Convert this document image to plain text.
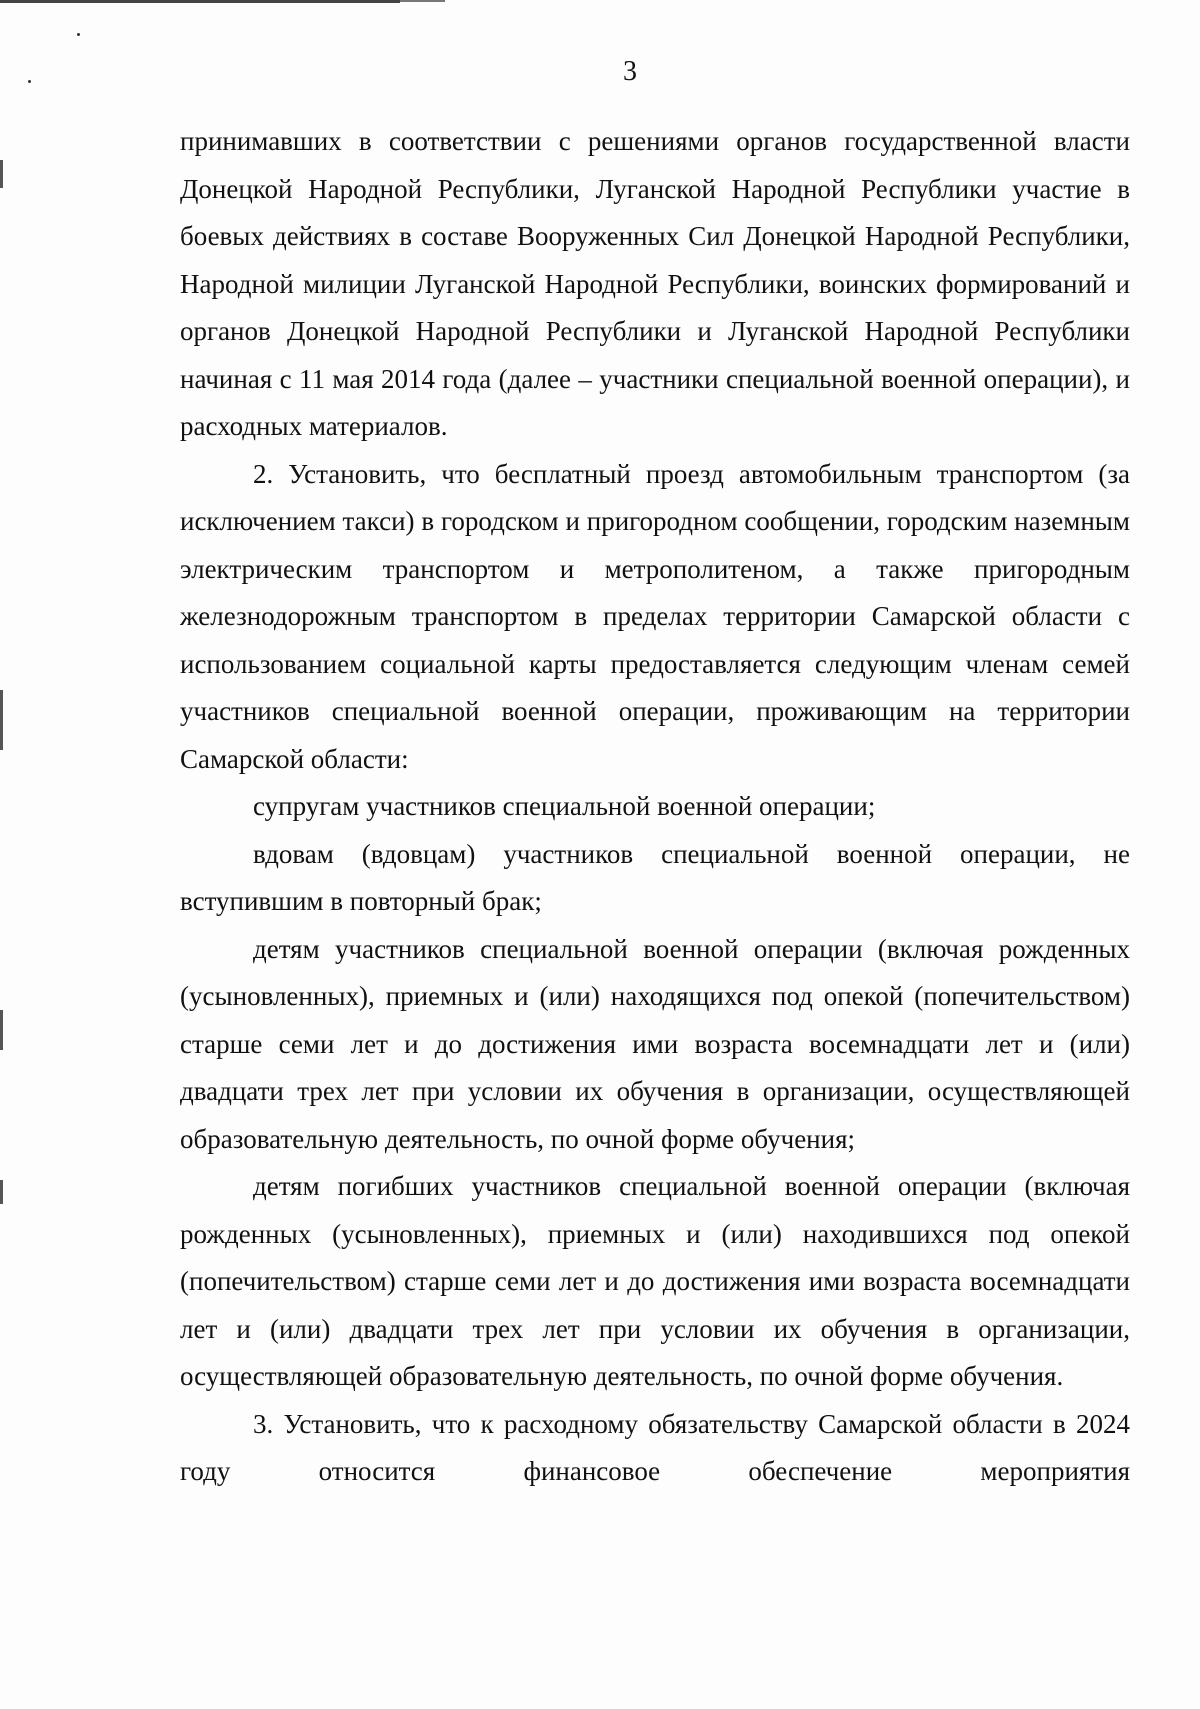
3

принимавших в соответствии с решениями органов государственной власти Донецкой Народной Республики, Луганской Народной Республики участие в боевых действиях в составе Вооруженных Сил Донецкой Народной Республики, Народной милиции Луганской Народной Республики, воинских формирований и органов Донецкой Народной Республики и Луганской Народной Республики начиная с 11 мая 2014 года (далее – участники специальной военной операции), и расходных материалов.

2. Установить, что бесплатный проезд автомобильным транспортом (за исключением такси) в городском и пригородном сообщении, городским наземным электрическим транспортом и метрополитеном, а также пригородным железнодорожным транспортом в пределах территории Самарской области с использованием социальной карты предоставляется следующим членам семей участников специальной военной операции, проживающим на территории Самарской области:

супругам участников специальной военной операции;

вдовам (вдовцам) участников специальной военной операции, не вступившим в повторный брак;

детям участников специальной военной операции (включая рожденных (усыновленных), приемных и (или) находящихся под опекой (попечительством) старше семи лет и до достижения ими возраста восемнадцати лет и (или) двадцати трех лет при условии их обучения в организации, осуществляющей образовательную деятельность, по очной форме обучения;

детям погибших участников специальной военной операции (включая рожденных (усыновленных), приемных и (или) находившихся под опекой (попечительством) старше семи лет и до достижения ими возраста восемнадцати лет и (или) двадцати трех лет при условии их обучения в организации, осуществляющей образовательную деятельность, по очной форме обучения.

3. Установить, что к расходному обязательству Самарской области в 2024 году относится финансовое обеспечение мероприятия
